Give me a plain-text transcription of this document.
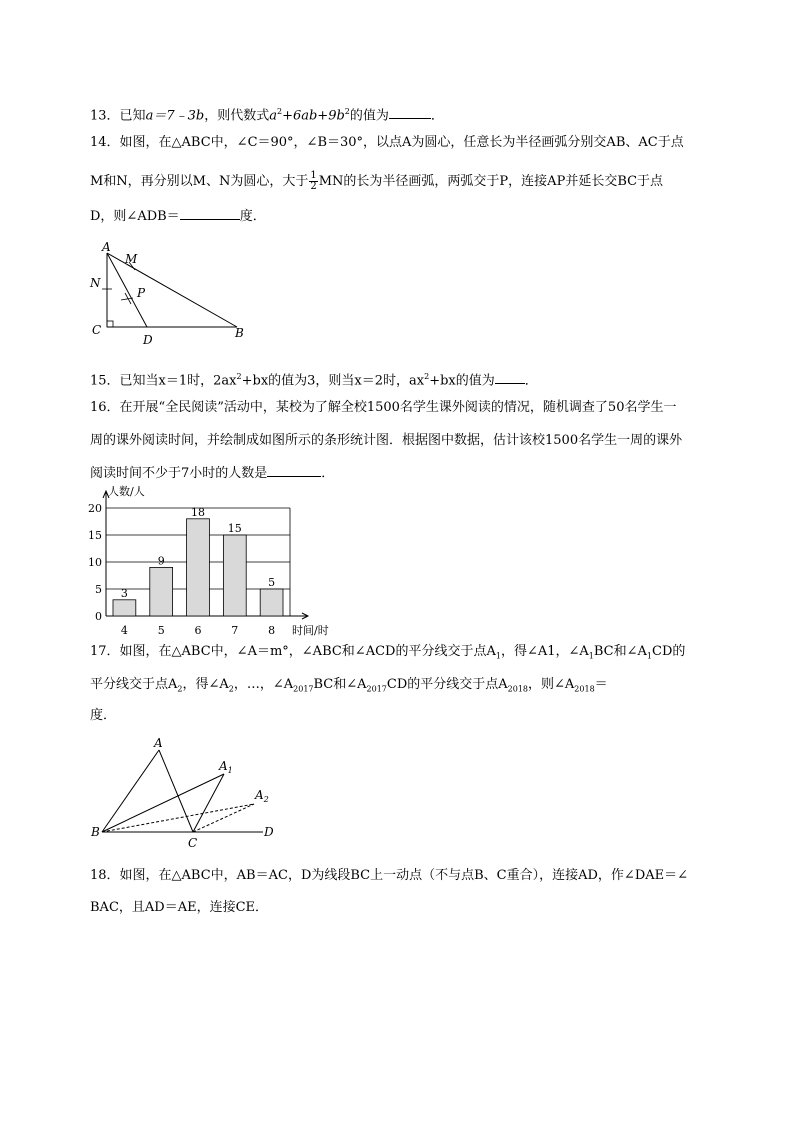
13．已知a＝7﹣3b，则代数式$a^2+6ab+9b^2$的值为	．
14．如图，在△ABC中，∠C＝90°，∠B＝30°，以点A为圆心，任意长为半径画弧分别交AB、AC于点
M和N，再分别以M、N为圆心，大于 $\frac{1}{2}$ MN的长为半径画弧，两弧交于P，连接AP并延长交BC于点
D，则∠ADB＝	度．
A
M
N
P
C
D	B
15．已知当x＝1时，$2ax^2+bx$的值为3，则当x＝2时，$ax^2+bx$的值为 ．
16．在开展“全民阅读”活动中，某校为了解全校1500名学生课外阅读的情况，随机调查了50名学生一
周的课外阅读时间，并绘制成如图所示的条形统计图．根据图中数据，估计该校1500名学生一周的课外
阅读时间不少于7小时的人数是	．
0
5
10
15
20
3
4
9
5
18
6
15
7
5
8
人数/人
时间/时
17．如图，在△ABC中，∠A＝m°，∠ABC和∠ACD的平分线交于点$A_1$，得∠A1，$\angle A_1BC$和$\angle A_1CD$的
平分线交于点$A_2$，得$\angle A_2$，…，$\angle A_{2017}BC$和$\angle A_{2017}CD$的平分线交于点$A_{2018}$，则$\angle A_{2018}=$
度．
A
$A_1$
$A_2$
B
C
D
18．如图，在△ABC中，AB＝AC，D为线段BC上一动点（不与点B、C重合），连接AD，作∠DAE＝∠
BAC，且AD＝AE，连接CE．
